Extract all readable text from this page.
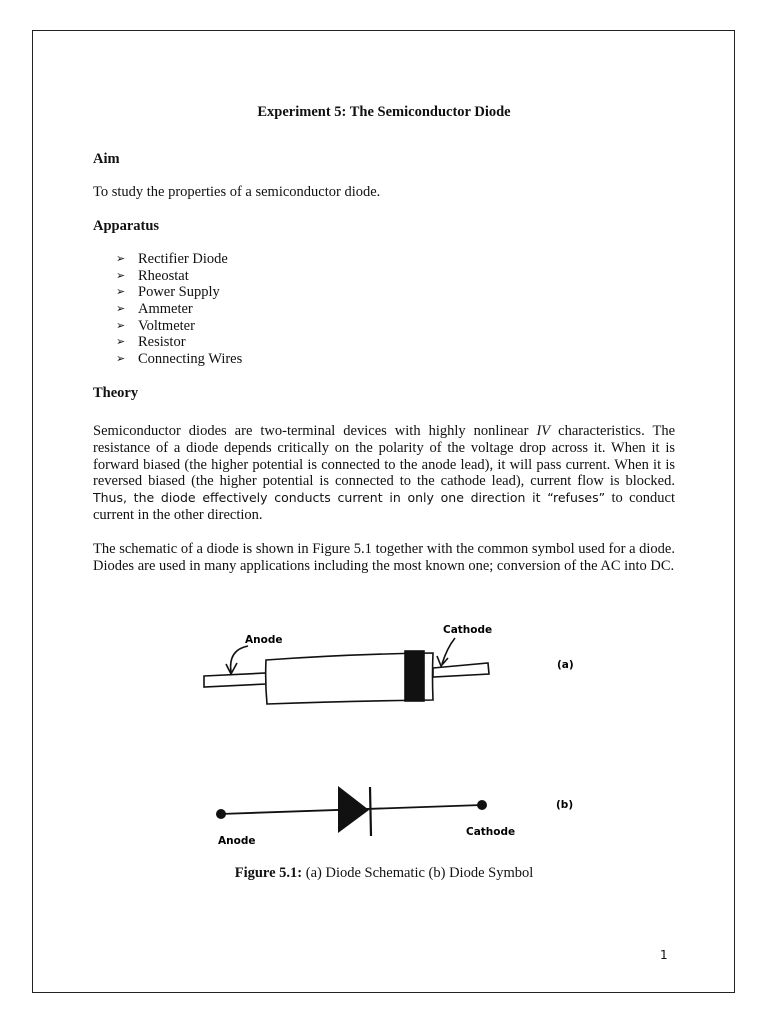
Experiment 5: The Semiconductor Diode
Aim
To study the properties of a semiconductor diode.
Apparatus
➢ Rectifier Diode
➢ Rheostat
➢ Power Supply
➢ Ammeter
➢ Voltmeter
➢ Resistor
➢ Connecting Wires
Theory
Semiconductor diodes are two-terminal devices with highly nonlinear IV characteristics. The resistance of a diode depends critically on the polarity of the voltage drop across it. When it is forward biased (the higher potential is connected to the anode lead), it will pass current. When it is reversed biased (the higher potential is connected to the cathode lead), current flow is blocked. Thus, the diode effectively conducts current in only one direction it “refuses” to conduct current in the other direction.
The schematic of a diode is shown in Figure 5.1 together with the common symbol used for a diode. Diodes are used in many applications including the most known one; conversion of the AC into DC.
Anode
Cathode
(a)
Anode
Cathode
(b)
Figure 5.1: (a) Diode Schematic (b) Diode Symbol
1
